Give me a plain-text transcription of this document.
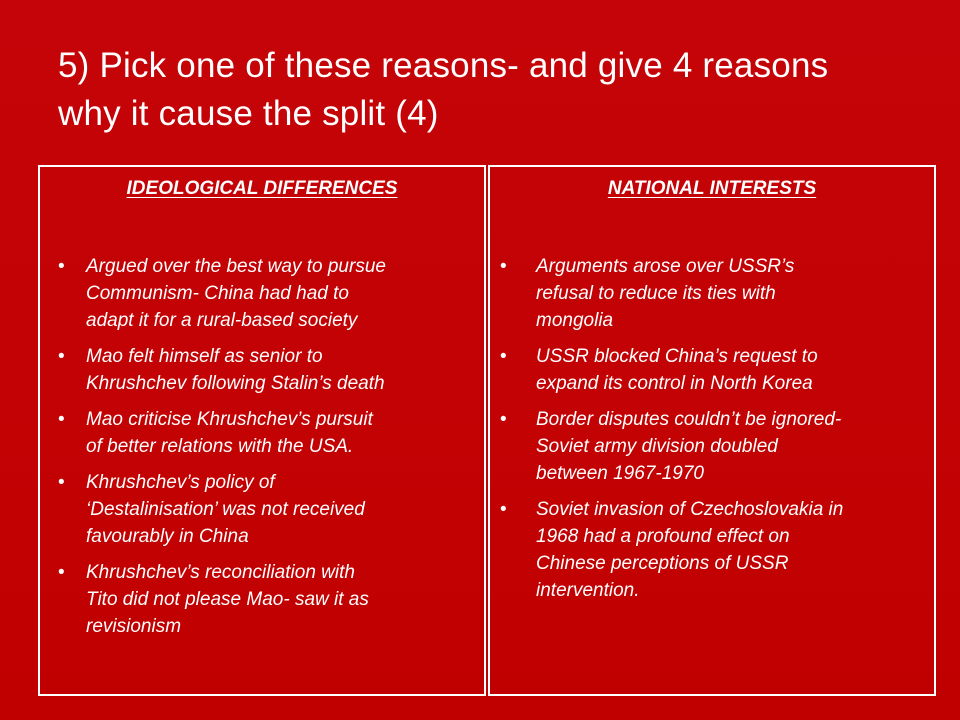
5) Pick one of these reasons- and give 4 reasons
why it cause the split (4)
IDEOLOGICAL DIFFERENCES
• Argued over the best way to pursue
Communism- China had had to
adapt it for a rural-based society
• Mao felt himself as senior to
Khrushchev following Stalin’s death
• Mao criticise Khrushchev’s pursuit
of better relations with the USA.
• Khrushchev’s policy of
‘Destalinisation’ was not received
favourably in China
• Khrushchev’s reconciliation with
Tito did not please Mao- saw it as
revisionism
NATIONAL INTERESTS
• Arguments arose over USSR’s
refusal to reduce its ties with
mongolia
• USSR blocked China’s request to
expand its control in North Korea
• Border disputes couldn’t be ignored-
Soviet army division doubled
between 1967-1970
• Soviet invasion of Czechoslovakia in
1968 had a profound effect on
Chinese perceptions of USSR
intervention.
